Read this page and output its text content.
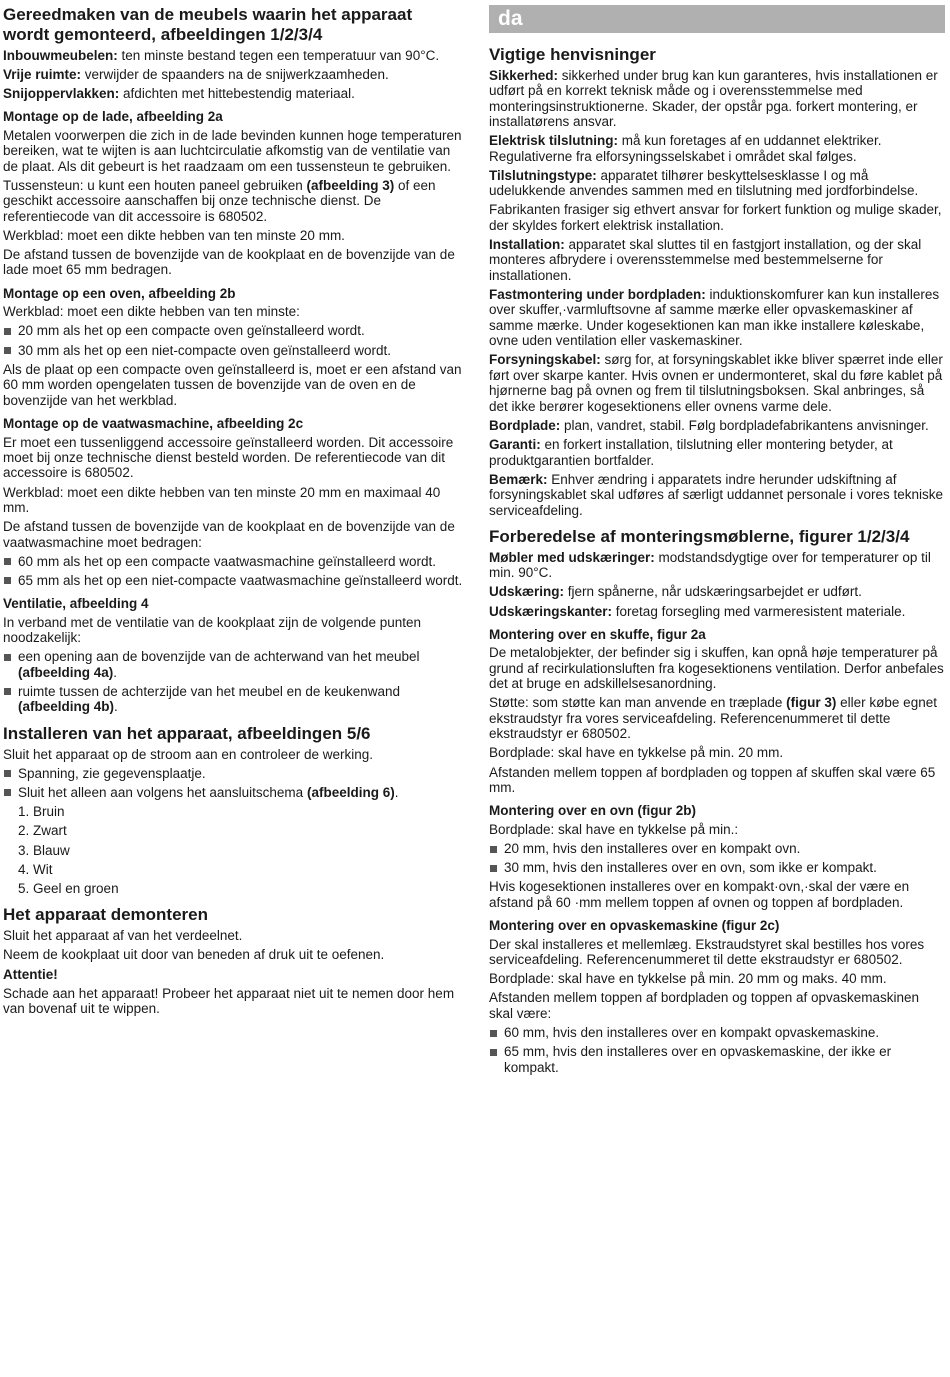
Gereedmaken van de meubels waarin het apparaat wordt gemonteerd, afbeeldingen 1/2/3/4
Inbouwmeubelen: ten minste bestand tegen een temperatuur van 90°C.
Vrije ruimte: verwijder de spaanders na de snijwerkzaamheden.
Snijoppervlakken: afdichten met hittebestendig materiaal.
Montage op de lade, afbeelding 2a
Metalen voorwerpen die zich in de lade bevinden kunnen hoge temperaturen bereiken, wat te wijten is aan luchtcirculatie afkomstig van de ventilatie van de plaat. Als dit gebeurt is het raadzaam om een tussensteun te gebruiken.
Tussensteun: u kunt een houten paneel gebruiken (afbeelding 3) of een geschikt accessoire aanschaffen bij onze technische dienst. De referentiecode van dit accessoire is 680502.
Werkblad: moet een dikte hebben van ten minste 20 mm.
De afstand tussen de bovenzijde van de kookplaat en de bovenzijde van de lade moet 65 mm bedragen.
Montage op een oven, afbeelding 2b
Werkblad: moet een dikte hebben van ten minste:
20 mm als het op een compacte oven geïnstalleerd wordt.
30 mm als het op een niet-compacte oven geïnstalleerd wordt.
Als de plaat op een compacte oven geïnstalleerd is, moet er een afstand van 60 mm worden opengelaten tussen de bovenzijde van de oven en de bovenzijde van het werkblad.
Montage op de vaatwasmachine, afbeelding 2c
Er moet een tussenliggend accessoire geïnstalleerd worden. Dit accessoire moet bij onze technische dienst besteld worden. De referentiecode van dit accessoire is 680502.
Werkblad: moet een dikte hebben van ten minste 20 mm en maximaal 40 mm.
De afstand tussen de bovenzijde van de kookplaat en de bovenzijde van de vaatwasmachine moet bedragen:
60 mm als het op een compacte vaatwasmachine geïnstalleerd wordt.
65 mm als het op een niet-compacte vaatwasmachine geïnstalleerd wordt.
Ventilatie, afbeelding 4
In verband met de ventilatie van de kookplaat zijn de volgende punten noodzakelijk:
een opening aan de bovenzijde van de achterwand van het meubel (afbeelding 4a).
ruimte tussen de achterzijde van het meubel en de keukenwand (afbeelding 4b).
Installeren van het apparaat, afbeeldingen 5/6
Sluit het apparaat op de stroom aan en controleer de werking.
Spanning, zie gegevensplaatje.
Sluit het alleen aan volgens het aansluitschema (afbeelding 6).
1. Bruin
2. Zwart
3. Blauw
4. Wit
5. Geel en groen
Het apparaat demonteren
Sluit het apparaat af van het verdeelnet.
Neem de kookplaat uit door van beneden af druk uit te oefenen.
Attentie!
Schade aan het apparaat! Probeer het apparaat niet uit te nemen door hem van bovenaf uit te wippen.
da
Vigtige henvisninger
Sikkerhed: sikkerhed under brug kan kun garanteres, hvis installationen er udført på en korrekt teknisk måde og i overensstemmelse med monteringsinstruktionerne. Skader, der opstår pga. forkert montering, er installatørens ansvar.
Elektrisk tilslutning: må kun foretages af en uddannet elektriker. Regulativerne fra elforsyningsselskabet i området skal følges.
Tilslutningstype: apparatet tilhører beskyttelsesklasse I og må udelukkende anvendes sammen med en tilslutning med jordforbindelse.
Fabrikanten frasiger sig ethvert ansvar for forkert funktion og mulige skader, der skyldes forkert elektrisk installation.
Installation: apparatet skal sluttes til en fastgjort installation, og der skal monteres afbrydere i overensstemmelse med bestemmelserne for installationen.
Fastmontering under bordpladen: induktionskomfurer kan kun installeres over skuffer,·varmluftsovne af samme mærke eller opvaskemaskiner af samme mærke. Under kogesektionen kan man ikke installere køleskabe, ovne uden ventilation eller vaskemaskiner.
Forsyningskabel: sørg for, at forsyningskablet ikke bliver spærret inde eller ført over skarpe kanter. Hvis ovnen er undermonteret, skal du føre kablet på hjørnerne bag på ovnen og frem til tilslutningsboksen. Skal anbringes, så det ikke berører kogesektionens eller ovnens varme dele.
Bordplade: plan, vandret, stabil. Følg bordpladefabrikantens anvisninger.
Garanti: en forkert installation, tilslutning eller montering betyder, at produktgarantien bortfalder.
Bemærk: Enhver ændring i apparatets indre herunder udskiftning af forsyningskablet skal udføres af særligt uddannet personale i vores tekniske serviceafdeling.
Forberedelse af monteringsmøblerne, figurer 1/2/3/4
Møbler med udskæringer: modstandsdygtige over for temperaturer op til min. 90°C.
Udskæring: fjern spånerne, når udskæringsarbejdet er udført.
Udskæringskanter: foretag forsegling med varmeresistent materiale.
Montering over en skuffe, figur 2a
De metalobjekter, der befinder sig i skuffen, kan opnå høje temperaturer på grund af recirkulationsluften fra kogesektionens ventilation. Derfor anbefales det at bruge en adskillelsesanordning.
Støtte: som støtte kan man anvende en træplade (figur 3) eller købe egnet ekstraudstyr fra vores serviceafdeling. Referencenummeret til dette ekstraudstyr er 680502.
Bordplade: skal have en tykkelse på min. 20 mm.
Afstanden mellem toppen af bordpladen og toppen af skuffen skal være 65 mm.
Montering over en ovn (figur 2b)
Bordplade: skal have en tykkelse på min.:
20 mm, hvis den installeres over en kompakt ovn.
30 mm, hvis den installeres over en ovn, som ikke er kompakt.
Hvis kogesektionen installeres over en kompakt·ovn,·skal der være en afstand på 60 ·mm mellem toppen af ovnen og toppen af bordpladen.
Montering over en opvaskemaskine (figur 2c)
Der skal installeres et mellemlæg. Ekstraudstyret skal bestilles hos vores serviceafdeling. Referencenummeret til dette ekstraudstyr er 680502.
Bordplade: skal have en tykkelse på min. 20 mm og maks. 40 mm.
Afstanden mellem toppen af bordpladen og toppen af opvaskemaskinen skal være:
60 mm, hvis den installeres over en kompakt opvaskemaskine.
65 mm, hvis den installeres over en opvaskemaskine, der ikke er kompakt.
